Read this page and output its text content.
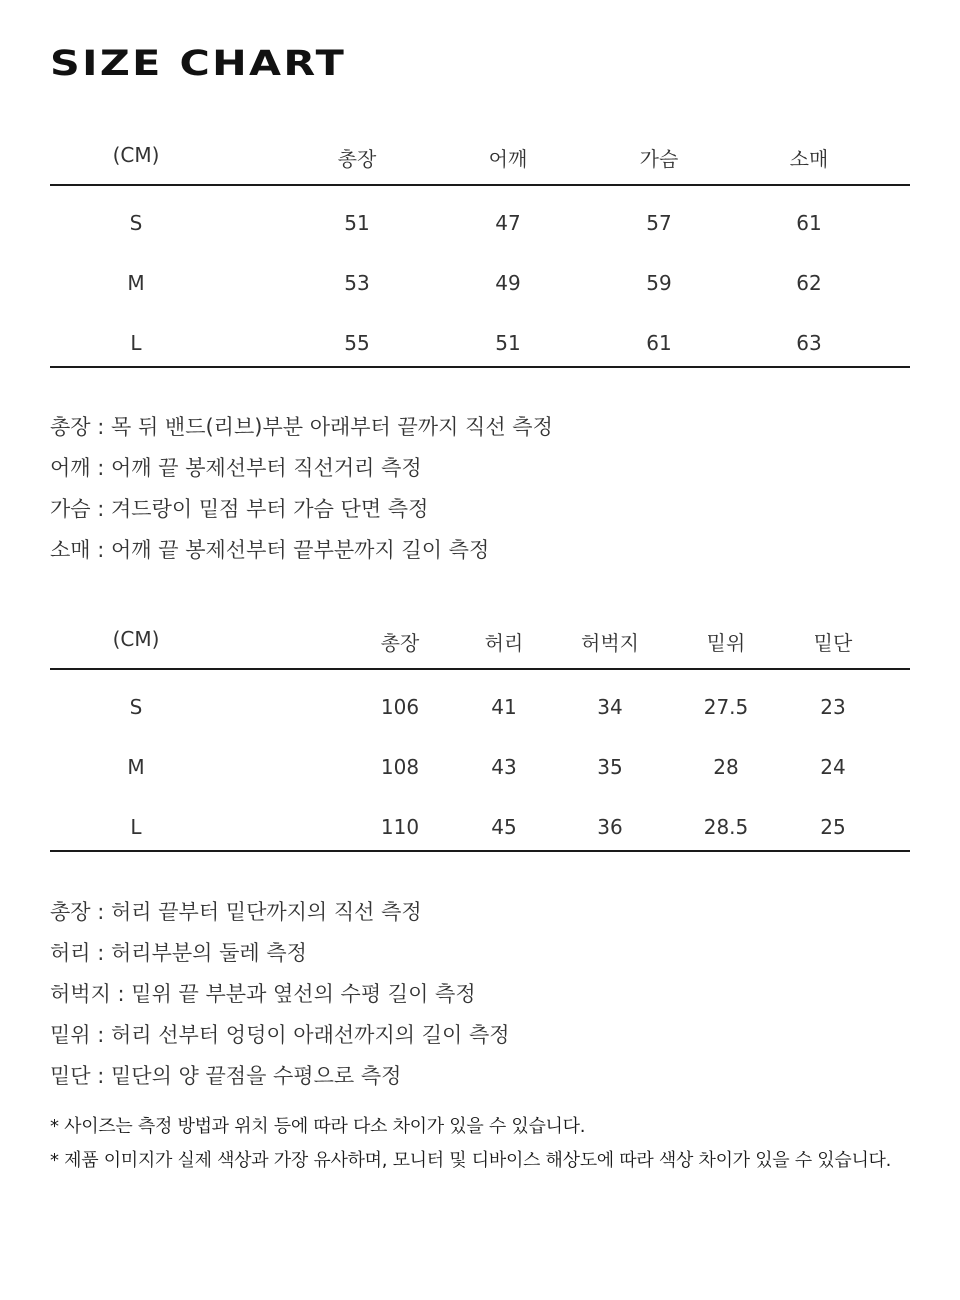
SIZE CHART
(CM)	총장	어깨	가슴	소매
S	51	47	57	61
M	53	49	59	62
L	55	51	61	63
총장 : 목 뒤 밴드(리브)부분 아래부터 끝까지 직선 측정
어깨 : 어깨 끝 봉제선부터 직선거리 측정
가슴 : 겨드랑이 밑점 부터 가슴 단면 측정
소매 : 어깨 끝 봉제선부터 끝부분까지 길이 측정
(CM)	총장	허리	허벅지	밑위	밑단
S	106	41	34	27.5	23
M	108	43	35	28	24
L	110	45	36	28.5	25
총장 : 허리 끝부터 밑단까지의 직선 측정
허리 : 허리부분의 둘레 측정
허벅지 : 밑위 끝 부분과 옆선의 수평 길이 측정
밑위 : 허리 선부터 엉덩이 아래선까지의 길이 측정
밑단 : 밑단의 양 끝점을 수평으로 측정
* 사이즈는 측정 방법과 위치 등에 따라 다소 차이가 있을 수 있습니다.
* 제품 이미지가 실제 색상과 가장 유사하며, 모니터 및 디바이스 해상도에 따라 색상 차이가 있을 수 있습니다.
